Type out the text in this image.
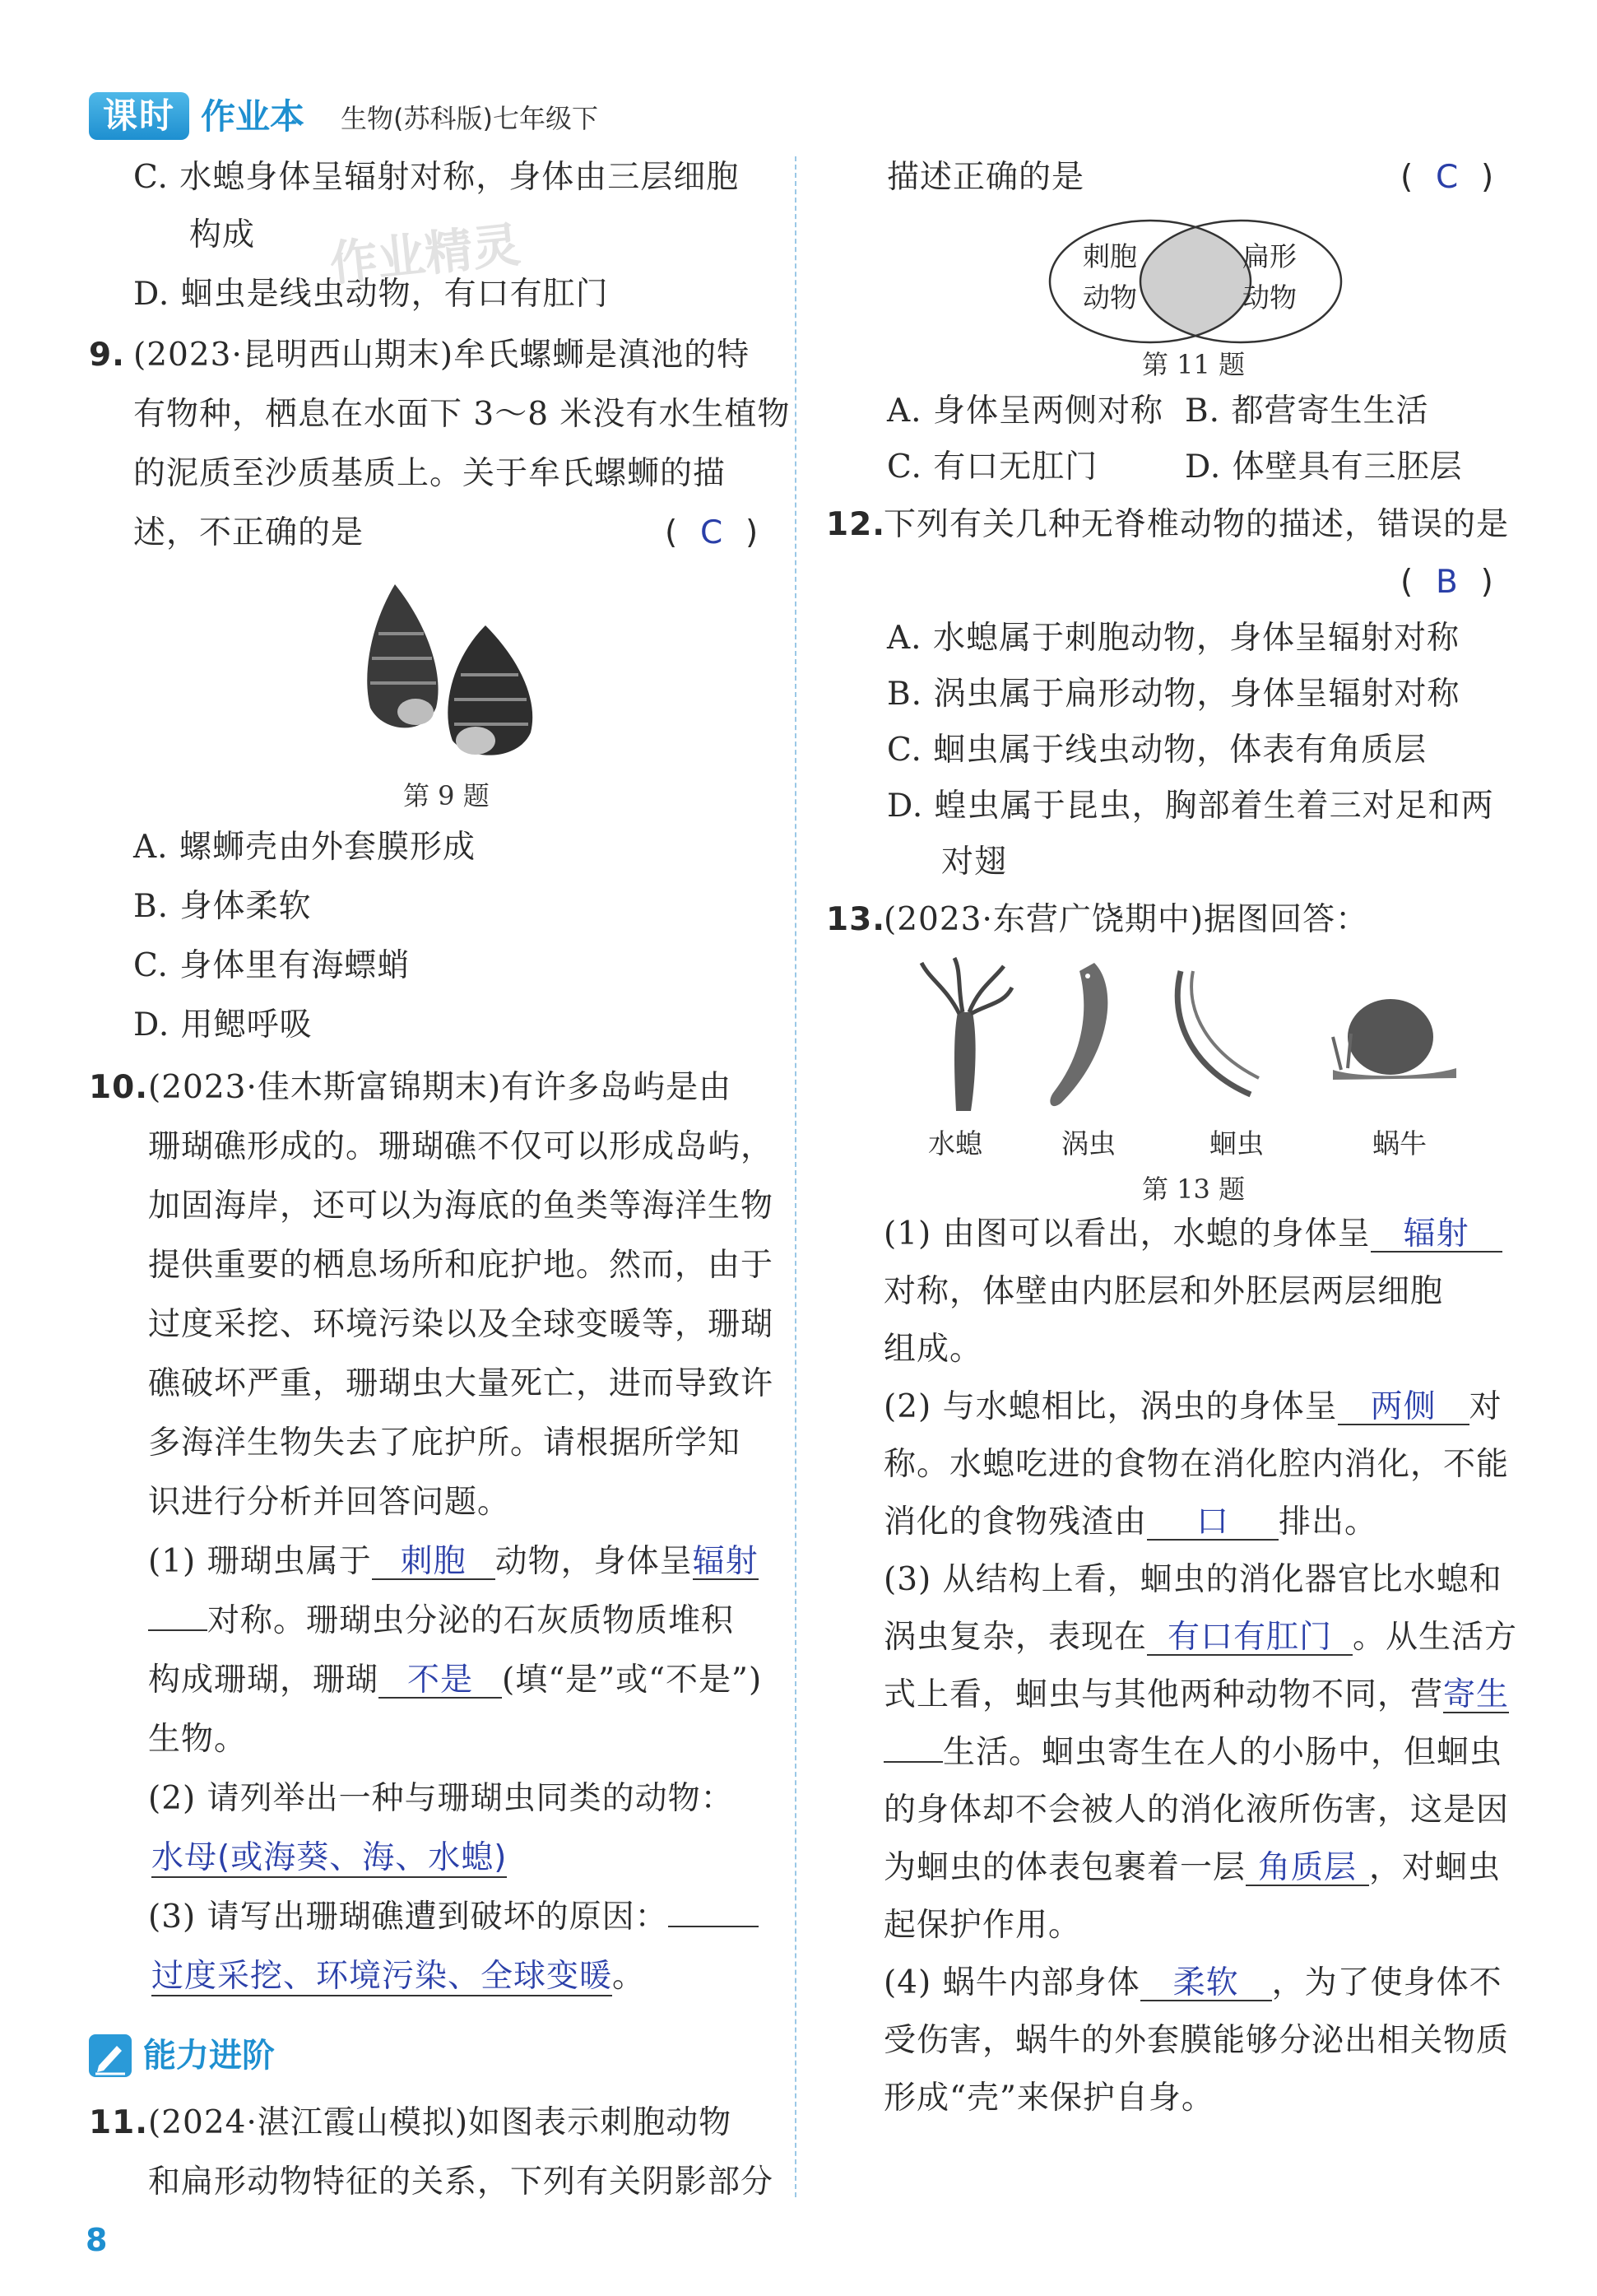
课时 作业本 生物(苏科版)七年级下
作业精灵
C. 水螅身体呈辐射对称，身体由三层细胞
构成
D. 蛔虫是线虫动物，有口有肛门
9. (2023·昆明西山期末)牟氏螺蛳是滇池的特
有物种，栖息在水面下 3～8 米没有水生植物
的泥质至沙质基质上。关于牟氏螺蛳的描
述，不正确的是	(  C  )
第 9 题
A. 螺蛳壳由外套膜形成
B. 身体柔软
C. 身体里有海螵蛸
D. 用鳃呼吸
10. (2023·佳木斯富锦期末)有许多岛屿是由
珊瑚礁形成的。珊瑚礁不仅可以形成岛屿，
加固海岸，还可以为海底的鱼类等海洋生物
提供重要的栖息场所和庇护地。然而，由于
过度采挖、环境污染以及全球变暖等，珊瑚
礁破坏严重，珊瑚虫大量死亡，进而导致许
多海洋生物失去了庇护所。请根据所学知
识进行分析并回答问题。
(1) 珊瑚虫属于 刺胞 动物，身体呈辐射
对称。珊瑚虫分泌的石灰质物质堆积
构成珊瑚，珊瑚 不是 (填“是”或“不是”)
生物。
(2) 请列举出一种与珊瑚虫同类的动物：
水母(或海葵、海、水螅)
(3) 请写出珊瑚礁遭到破坏的原因：
过度采挖、环境污染、全球变暖。
能力进阶
11. (2024·湛江霞山模拟)如图表示刺胞动物
和扁形动物特征的关系，下列有关阴影部分
8
描述正确的是	(  C  )
刺胞
动物
扁形
动物
第 11 题
A. 身体呈两侧对称 B. 都营寄生生活
C. 有口无肛门	D. 体壁具有三胚层
12.
下列有关几种无脊椎动物的描述，错误的是
(  B  )
A. 水螅属于刺胞动物，身体呈辐射对称
B. 涡虫属于扁形动物，身体呈辐射对称
C. 蛔虫属于线虫动物，体表有角质层
D. 蝗虫属于昆虫，胸部着生着三对足和两
对翅
13.
(2023·东营广饶期中)据图回答：
水螅	涡虫	蛔虫	蜗牛
第 13 题
(1) 由图可以看出，水螅的身体呈 辐射
对称，体壁由内胚层和外胚层两层细胞
组成。
(2) 与水螅相比，涡虫的身体呈 两侧 对
称。水螅吃进的食物在消化腔内消化，不能
消化的食物残渣由 口 排出。
(3) 从结构上看，蛔虫的消化器官比水螅和
涡虫复杂，表现在 有口有肛门 。从生活方
式上看，蛔虫与其他两种动物不同，营寄生
生活。蛔虫寄生在人的小肠中，但蛔虫
的身体却不会被人的消化液所伤害，这是因
为蛔虫的体表包裹着一层 角质层 ，对蛔虫
起保护作用。
(4) 蜗牛内部身体 柔软 ，为了使身体不
受伤害，蜗牛的外套膜能够分泌出相关物质
形成“壳”来保护自身。
